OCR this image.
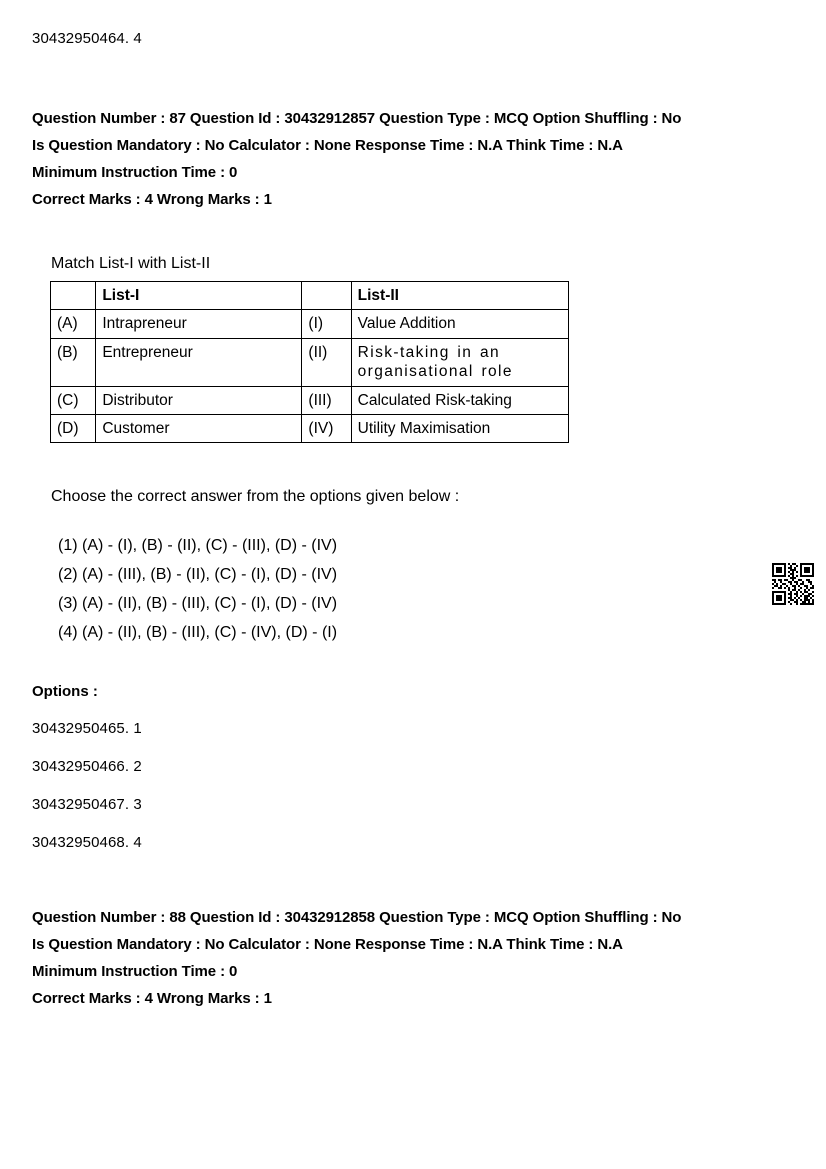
30432950464. 4
Question Number : 87 Question Id : 30432912857 Question Type : MCQ Option Shuffling : No
Is Question Mandatory : No Calculator : None Response Time : N.A Think Time : N.A
Minimum Instruction Time : 0
Correct Marks : 4 Wrong Marks : 1
Match List-I with List-II
	List-I		List-II
(A)	Intrapreneur	(I)	Value Addition
(B)	Entrepreneur	(II)	Risk-taking in an
organisational role

(C)	Distributor	(III)	Calculated Risk-taking
(D)	Customer	(IV)	Utility Maximisation
Choose the correct answer from the options given below :
(1) (A) - (I), (B) - (II), (C) - (III), (D) - (IV)
(2) (A) - (III), (B) - (II), (C) - (I), (D) - (IV)
(3) (A) - (II), (B) - (III), (C) - (I), (D) - (IV)
(4) (A) - (II), (B) - (III), (C) - (IV), (D) - (I)
Options :
30432950465. 1
30432950466. 2
30432950467. 3
30432950468. 4
Question Number : 88 Question Id : 30432912858 Question Type : MCQ Option Shuffling : No
Is Question Mandatory : No Calculator : None Response Time : N.A Think Time : N.A
Minimum Instruction Time : 0
Correct Marks : 4 Wrong Marks : 1
